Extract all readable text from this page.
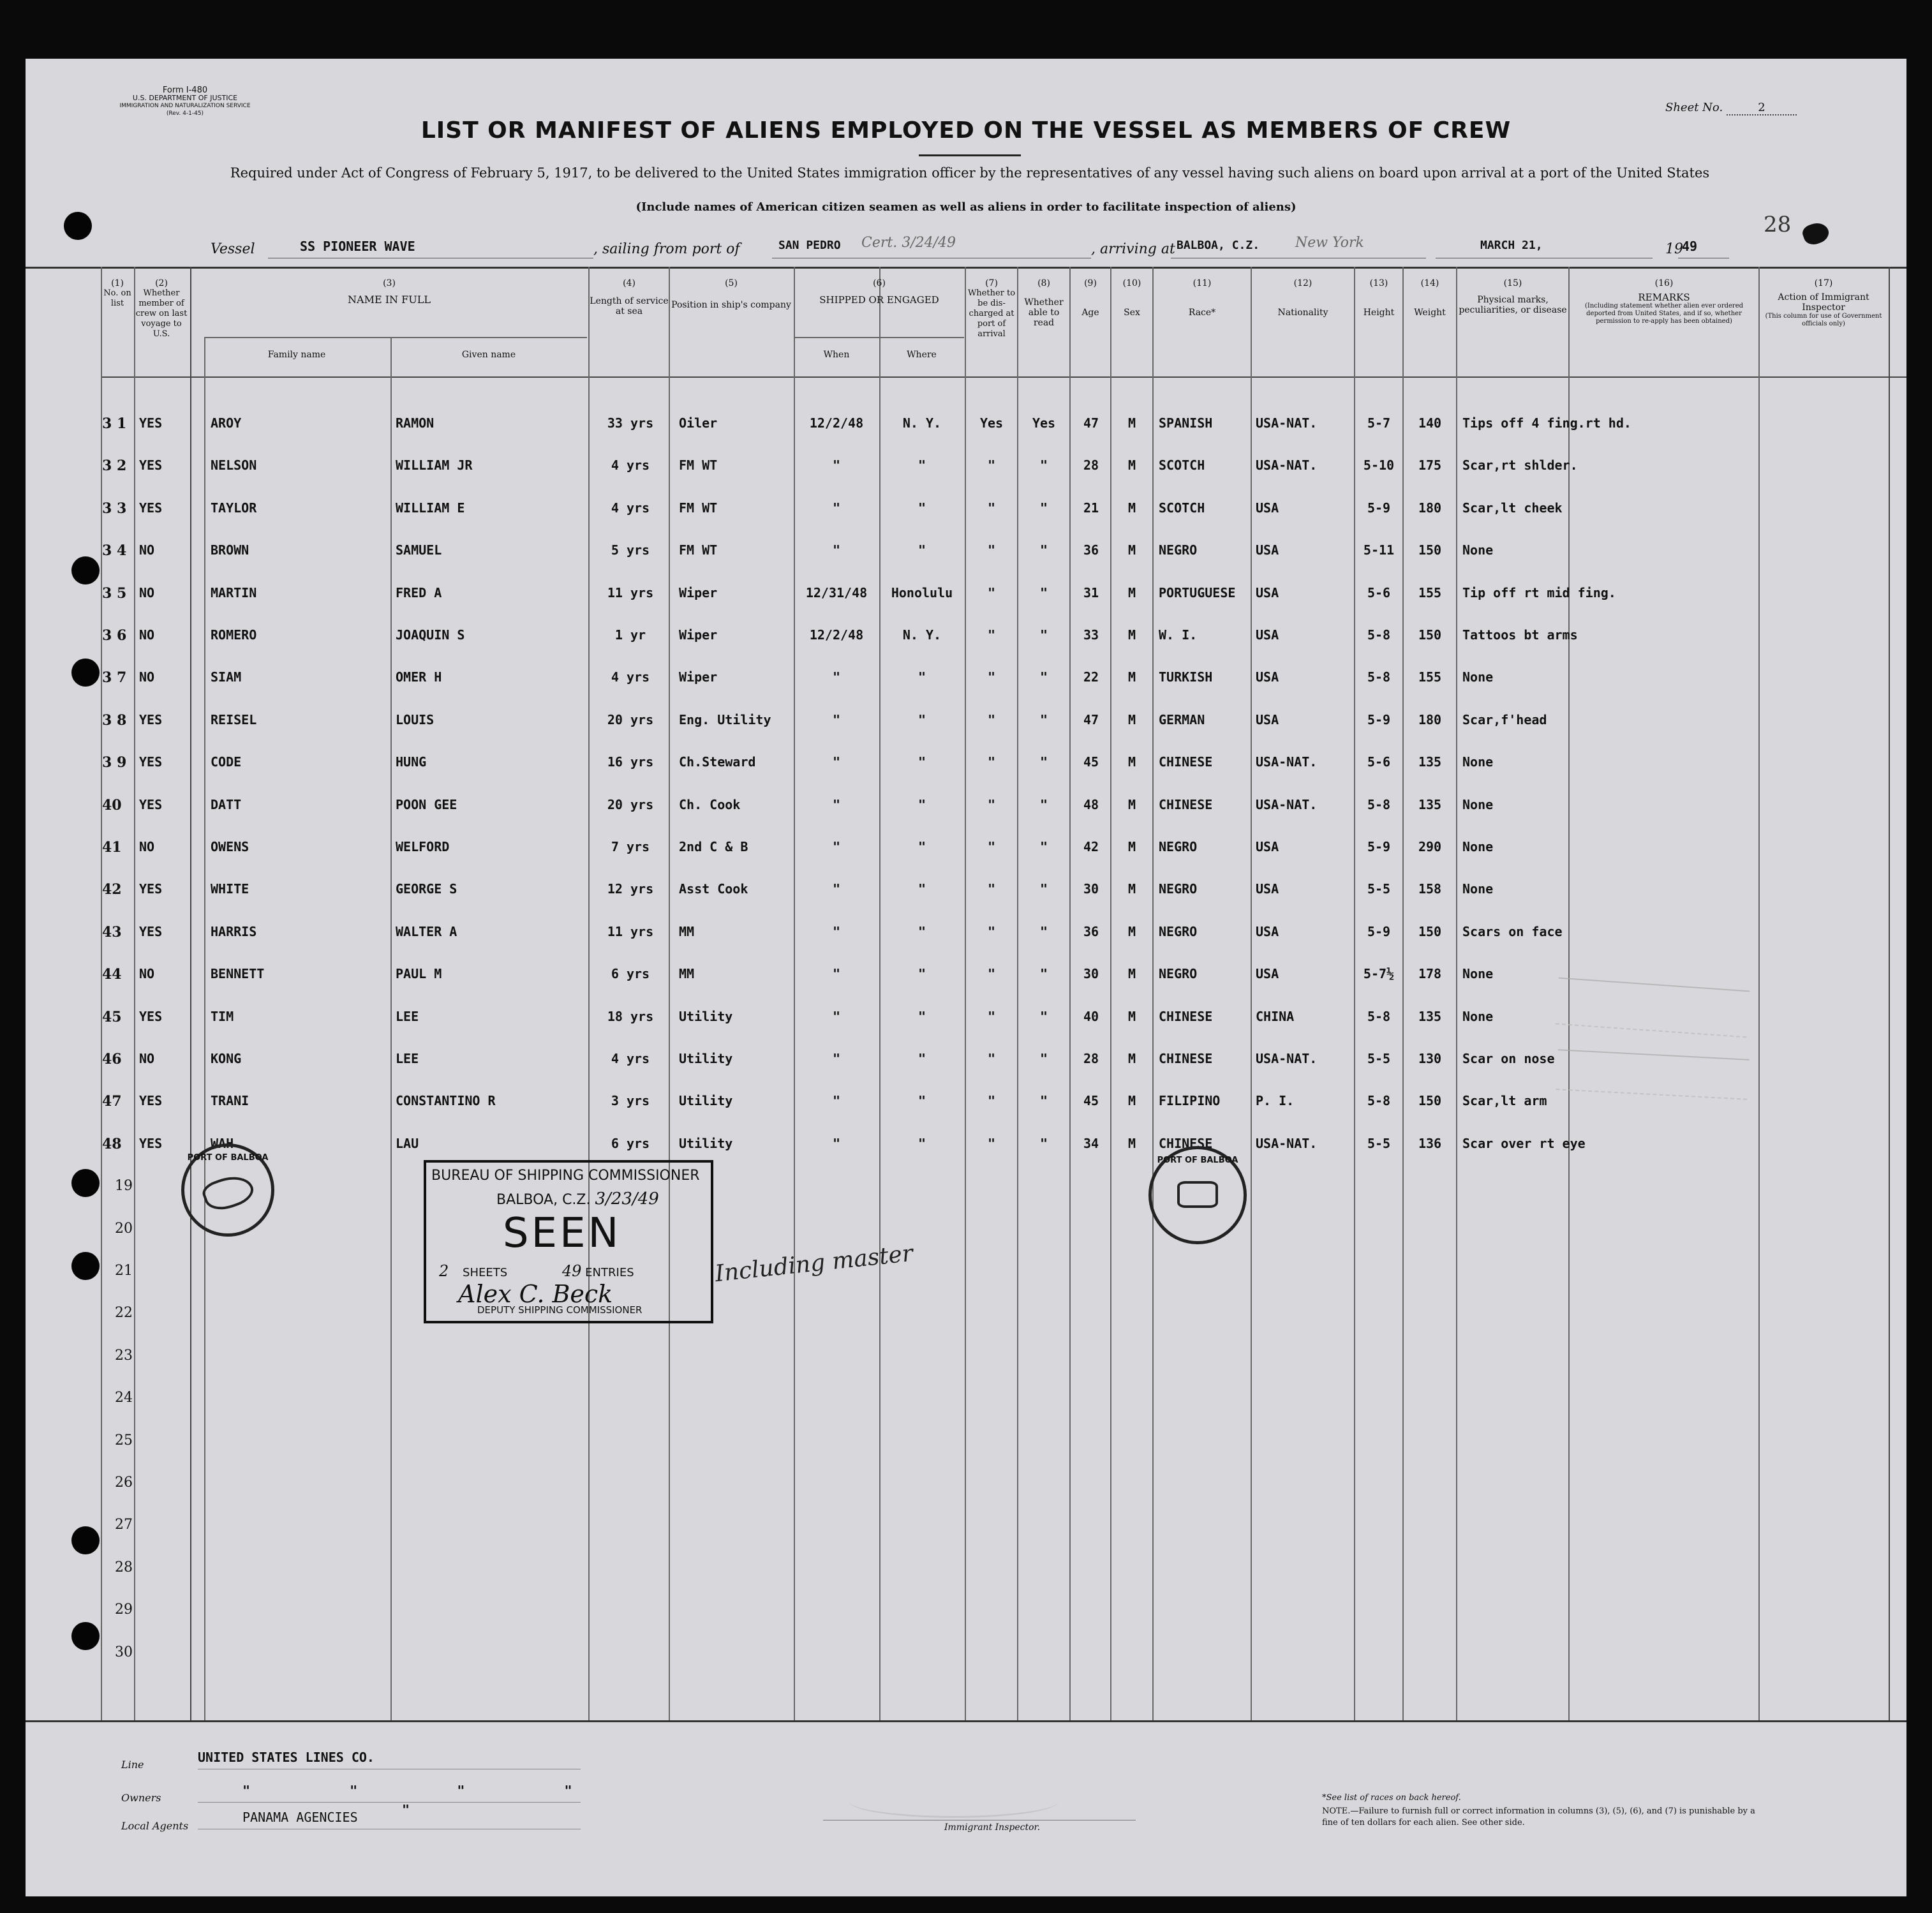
Form I-480
U.S. DEPARTMENT OF JUSTICE
IMMIGRATION AND NATURALIZATION SERVICE
(Rev. 4-1-45)	Sheet No.	2
LIST OR MANIFEST OF ALIENS EMPLOYED ON THE VESSEL AS MEMBERS OF CREW
Required under Act of Congress of February 5, 1917, to be delivered to the United States immigration officer by the representatives of any vessel having such aliens on board upon arrival at a port of the United States
(Include names of American citizen seamen as well as aliens in order to facilitate inspection of aliens)
28
Vessel	SS PIONEER WAVE	, sailing from port of	SAN PEDRO Cert. 3/24/49	, arriving at BALBOA, C.Z.	New York	MARCH 21,	19
49
(1)
No. on list
(2)
Whether member of crew on last voyage to U.S.
(3)
NAME IN FULL
Family name	Given name
(4)
Length of service at sea
(5)
Position in ship's company
(6)
SHIPPED OR ENGAGED
When	Where
(7)
Whether to be dis-charged at port of arrival
(8)
Whether able to read
(9)
Age
(10)
Sex
(11)
Race*
(12)
Nationality
(13)
Height
(14)
Weight
(15)
Physical marks, peculiarities, or disease
(16)
REMARKS
(Including statement whether alien ever ordered deported from United States, and if so, whether permission to re-apply has been obtained)
(17)
Action of Immigrant Inspector
(This column for use of Government officials only)
3 1 YES	AROY	RAMON	33 yrs	Oiler	12/2/48	N. Y.	Yes	Yes	47	M	SPANISH	USA-NAT.	5-7	140	Tips off 4 fing.rt hd.
3 2 YES	NELSON	WILLIAM JR	4 yrs	FM WT	"	"	"	"	28	M	SCOTCH	USA-NAT.	5-10	175	Scar,rt shlder.
3 3 YES	TAYLOR	WILLIAM E	4 yrs	FM WT	"	"	"	"	21	M	SCOTCH	USA	5-9	180	Scar,lt cheek
3 4 NO	BROWN	SAMUEL	5 yrs	FM WT	"	"	"	"	36	M	NEGRO	USA	5-11	150	None
3 5 NO	MARTIN	FRED A	11 yrs	Wiper	12/31/48	Honolulu	"	"	31	M	PORTUGUESE	USA	5-6	155	Tip off rt mid fing.
3 6 NO	ROMERO	JOAQUIN S	1 yr	Wiper	12/2/48	N. Y.	"	"	33	M	W. I.	USA	5-8	150	Tattoos bt arms
3 7 NO	SIAM	OMER H	4 yrs	Wiper	"	"	"	"	22	M	TURKISH	USA	5-8	155	None
3 8 YES	REISEL	LOUIS	20 yrs	Eng. Utility	"	"	"	"	47	M	GERMAN	USA	5-9	180	Scar,f'head
3 9 YES	CODE	HUNG	16 yrs	Ch.Steward	"	"	"	"	45	M	CHINESE	USA-NAT.	5-6	135	None
40	YES	DATT	POON GEE	20 yrs	Ch. Cook	"	"	"	"	48	M	CHINESE	USA-NAT.	5-8	135	None
41	NO	OWENS	WELFORD	7 yrs	2nd C & B	"	"	"	"	42	M	NEGRO	USA	5-9	290	None
42	YES	WHITE	GEORGE S	12 yrs	Asst Cook	"	"	"	"	30	M	NEGRO	USA	5-5	158	None
43	YES	HARRIS	WALTER A	11 yrs	MM	"	"	"	"	36	M	NEGRO	USA	5-9	150	Scars on face
44	NO	BENNETT	PAUL M	6 yrs	MM	"	"	"	"	30	M	NEGRO	USA	5-7½	178	None
45	YES	TIM	LEE	18 yrs	Utility	"	"	"	"	40	M	CHINESE	CHINA	5-8	135	None
46	NO	KONG	LEE	4 yrs	Utility	"	"	"	"	28	M	CHINESE	USA-NAT.	5-5	130	Scar on nose
47	YES	TRANI	CONSTANTINO R	3 yrs	Utility	"	"	"	"	45	M	FILIPINO	P. I.	5-8	150	Scar,lt arm
48	YES	WAH	LAU	6 yrs	Utility	"	"	"	"	34	M	CHINESE	USA-NAT.	5-5	136	Scar over rt eye
19
20
21
22
23
24
25
26
27
28
29
30
BUREAU OF SHIPPING COMMISSIONER
BALBOA, C.Z. 3/23/49
SEEN
2 SHEETS	49 ENTRIES
Alex C. Beck
DEPUTY SHIPPING COMMISSIONER
Including master
PORT OF BALBOA	PORT OF BALBOA
Line	UNITED STATES LINES CO.
Owners	"   "   "   "
Local Agents
PANAMA AGENCIES	"
Immigrant Inspector.
*See list of races on back hereof.
NOTE.—Failure to furnish full or correct information in columns (3), (5), (6), and (7) is punishable by a fine of ten dollars for each alien. See other side.
